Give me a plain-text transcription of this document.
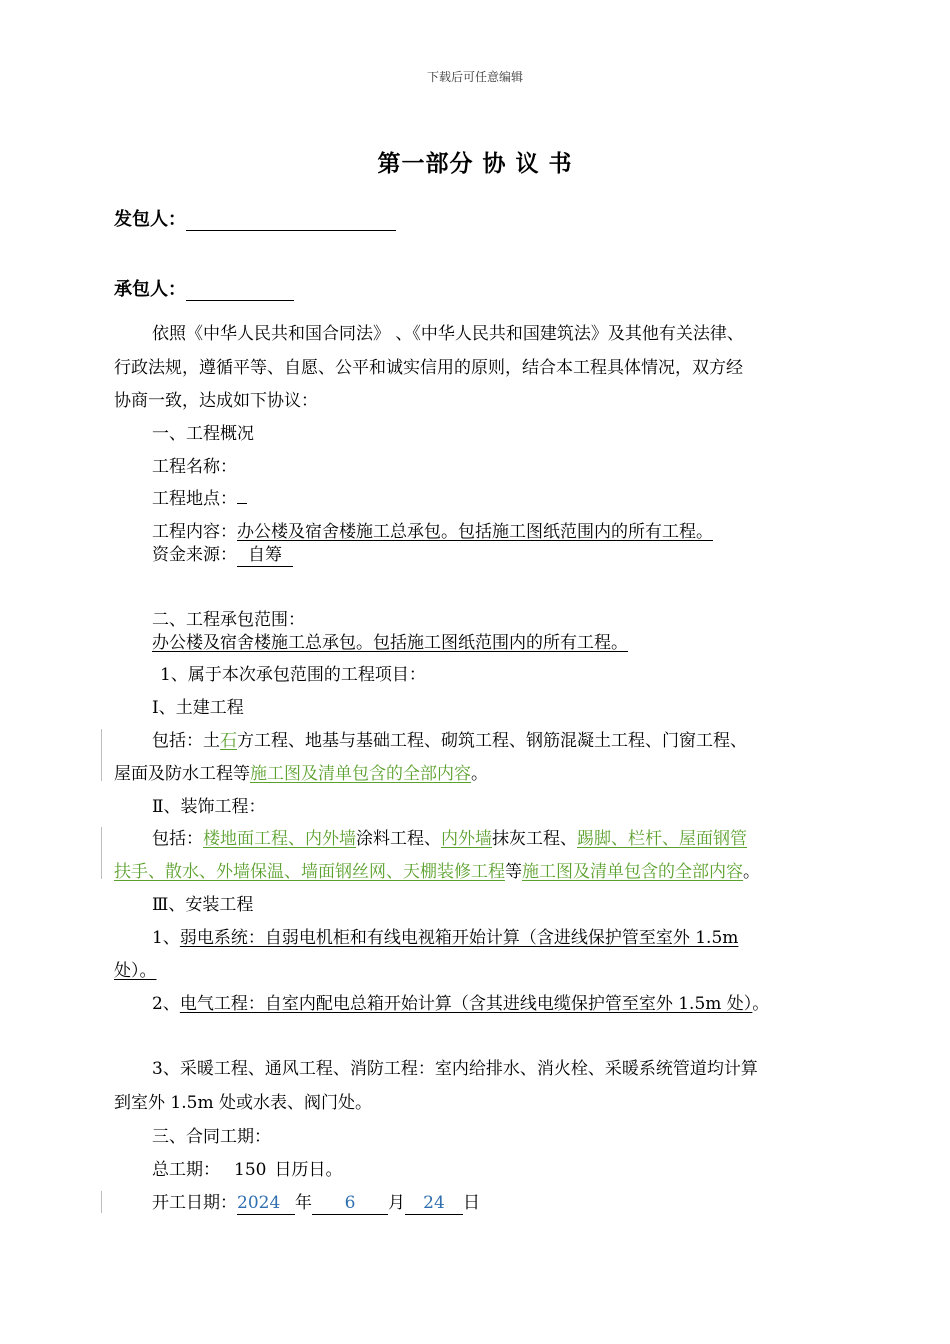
下载后可任意编辑
第一部分 协 议 书
发包人：
承包人：
依照《中华人民共和国合同法》 、《中华人民共和国建筑法》及其他有关法律、
行政法规，遵循平等、自愿、公平和诚实信用的原则，结合本工程具体情况，双方经
协商一致，达成如下协议：
一、工程概况
工程名称：
工程地点：
工程内容：办公楼及宿舍楼施工总承包。包括施工图纸范围内的所有工程。
资金来源： 自筹
二、工程承包范围：
办公楼及宿舍楼施工总承包。包括施工图纸范围内的所有工程。
1、属于本次承包范围的工程项目：
Ⅰ、土建工程
包括：土石方工程、地基与基础工程、砌筑工程、钢筋混凝土工程、门窗工程、
屋面及防水工程等施工图及清单包含的全部内容。
Ⅱ、装饰工程：
包括：楼地面工程、内外墙涂料工程、内外墙抹灰工程、踢脚、栏杆、屋面钢管
扶手、散水、外墙保温、墙面钢丝网、天棚装修工程等施工图及清单包含的全部内容。
Ⅲ、安装工程
1、弱电系统：自弱电机柜和有线电视箱开始计算（含进线保护管至室外 1.5m
处）。
2、电气工程：自室内配电总箱开始计算（含其进线电缆保护管至室外 1.5m 处）。
3、采暖工程、通风工程、消防工程：室内给排水、消火栓、采暖系统管道均计算
到室外 1.5m 处或水表、阀门处。
三、合同工期：
总工期： 150 日历日。
开工日期：2024 年 6 月 24 日
